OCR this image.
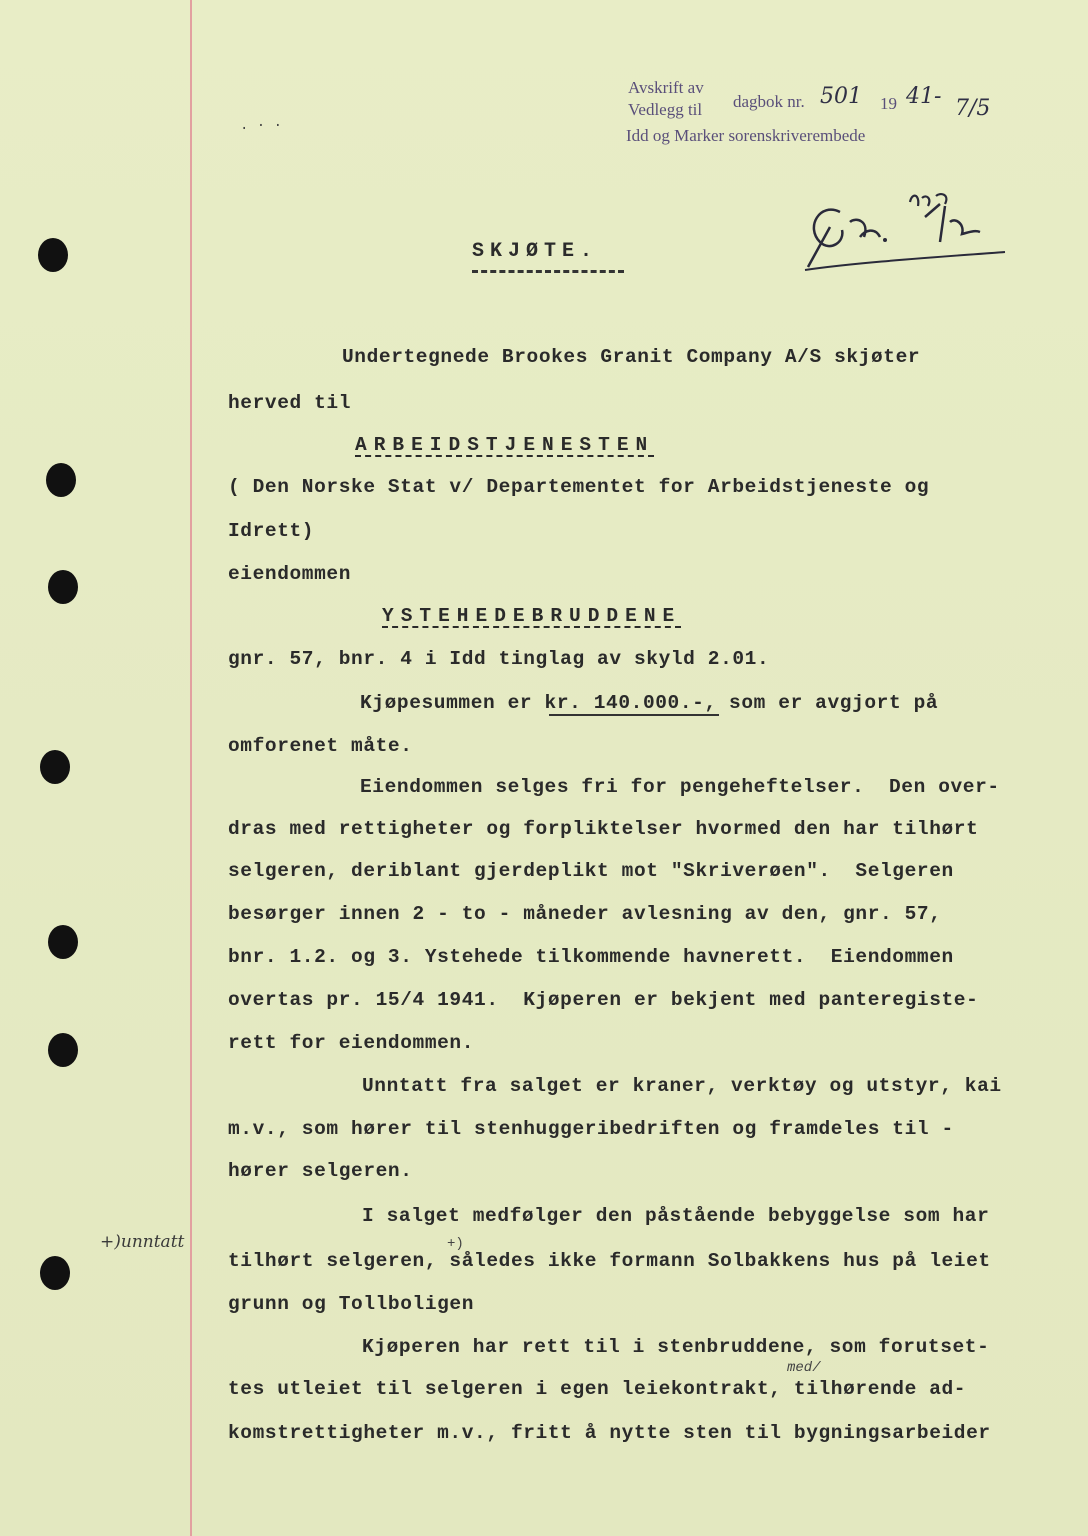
. · ·
Avskrift av
Vedlegg til dagbok nr. 501 19 41- 7/5
Idd og Marker sorenskriverembede
SKJØTE.
Undertegnede Brookes Granit Company A/S skjøter
herved til
ARBEIDSTJENESTEN
( Den Norske Stat v/ Departementet for Arbeidstjeneste og
Idrett)
eiendommen
YSTEHEDEBRUDDENE
gnr. 57, bnr. 4 i Idd tinglag av skyld 2.01.
Kjøpesummen er kr. 140.000.-, som er avgjort på
omforenet måte.
Eiendommen selges fri for pengeheftelser.  Den over-
dras med rettigheter og forpliktelser hvormed den har tilhørt
selgeren, deriblant gjerdeplikt mot "Skriverøen".  Selgeren
besørger innen 2 - to - måneder avlesning av den, gnr. 57,
bnr. 1.2. og 3. Ystehede tilkommende havnerett.  Eiendommen
overtas pr. 15/4 1941.  Kjøperen er bekjent med panteregiste-
rett for eiendommen.
Unntatt fra salget er kraner, verktøy og utstyr, kai
m.v., som hører til stenhuggeribedriften og framdeles til -
hører selgeren.
I salget medfølger den påstående bebyggelse som har
tilhørt selgeren, således ikke formann Solbakkens hus på leiet
grunn og Tollboligen
Kjøperen har rett til i stenbruddene, som forutset-
tes utleiet til selgeren i egen leiekontrakt, tilhørende ad-
komstrettigheter m.v., fritt å nytte sten til bygningsarbeider
+)unntatt	+)
med/
